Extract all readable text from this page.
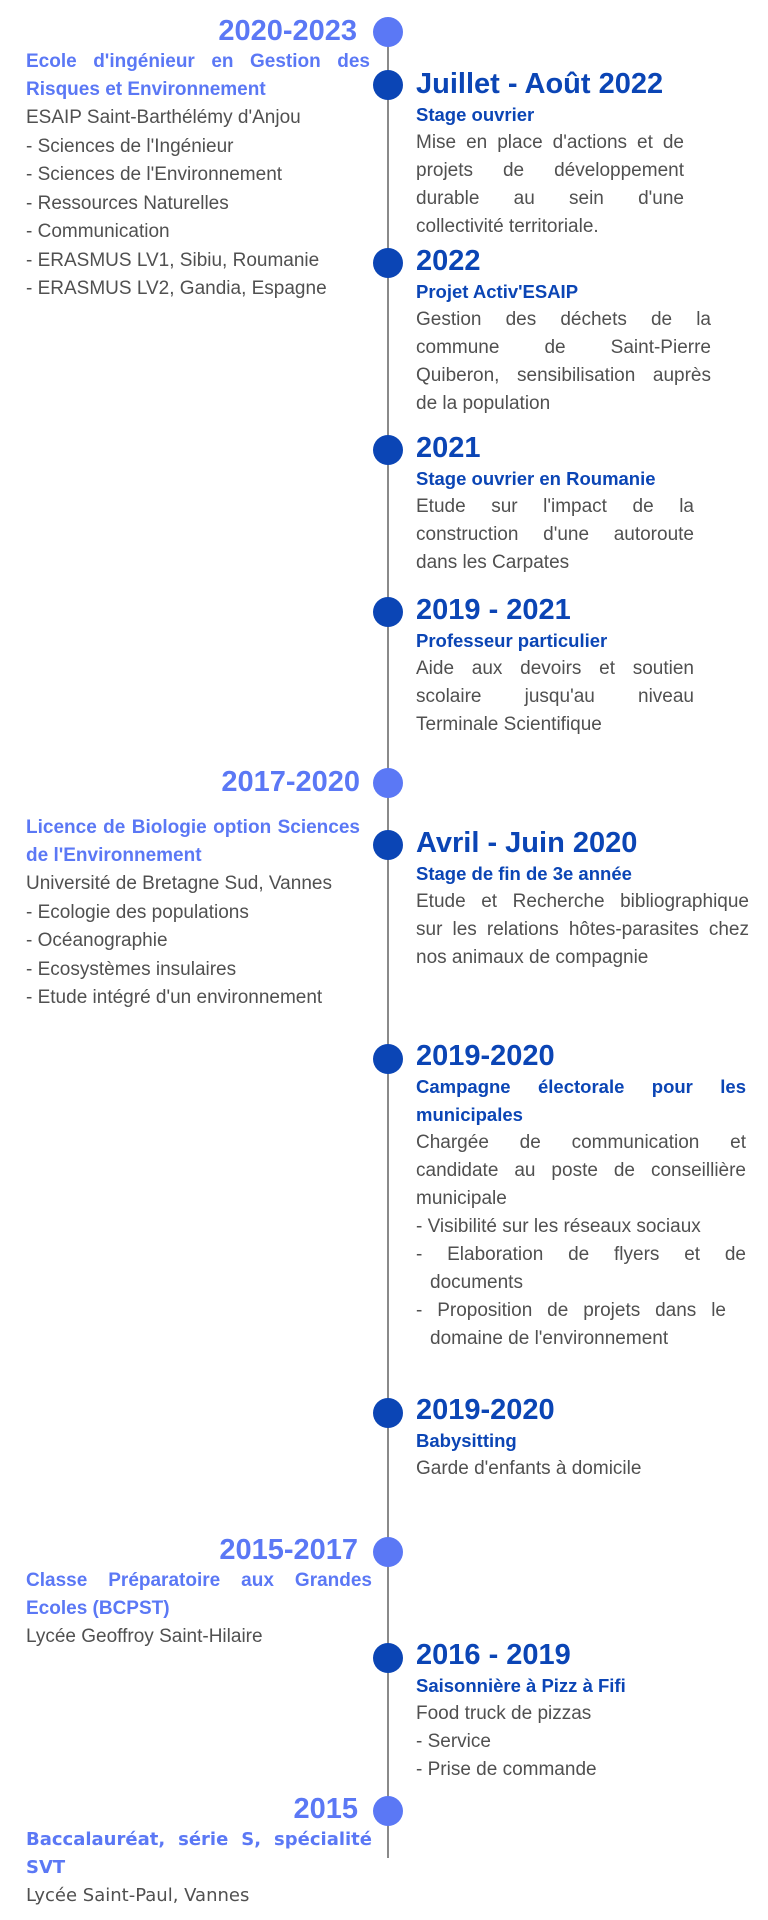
2020-2023
Ecole d'ingénieur en Gestion des Risques et Environnement
ESAIP Saint-Barthélémy d'Anjou
- Sciences de l'Ingénieur
- Sciences de l'Environnement
- Ressources Naturelles
- Communication
- ERASMUS LV1, Sibiu, Roumanie
- ERASMUS LV2, Gandia, Espagne
2017-2020
Licence de Biologie option Sciences de l'Environnement
Université de Bretagne Sud, Vannes
- Ecologie des populations
- Océanographie
- Ecosystèmes insulaires
- Etude intégré d'un environnement
2015-2017
Classe Préparatoire aux Grandes Ecoles (BCPST)
Lycée Geoffroy Saint-Hilaire
2015
Baccalauréat, série S, spécialité SVT
Lycée Saint-Paul, Vannes
Juillet - Août 2022
Stage ouvrier
Mise en place d'actions et de projets de développement durable au sein d'une collectivité territoriale.
2022
Projet Activ'ESAIP
Gestion des déchets de la commune de Saint-Pierre Quiberon, sensibilisation auprès de la population
2021
Stage ouvrier en Roumanie
Etude sur l'impact de la construction d'une autoroute dans les Carpates
2019 - 2021
Professeur particulier
Aide aux devoirs et soutien scolaire jusqu'au niveau Terminale Scientifique
Avril - Juin 2020
Stage de fin de 3e année
Etude et Recherche bibliographique sur les relations hôtes-parasites chez nos animaux de compagnie
2019-2020
Campagne électorale pour les municipales
Chargée de communication et candidate au poste de conseillière municipale
- Visibilité sur les réseaux sociaux
- Elaboration de flyers et de documents
- Proposition de projets dans le domaine de l'environnement
2019-2020
Babysitting
Garde d'enfants à domicile
2016 - 2019
Saisonnière à Pizz à Fifi
Food truck de pizzas
- Service
- Prise de commande
